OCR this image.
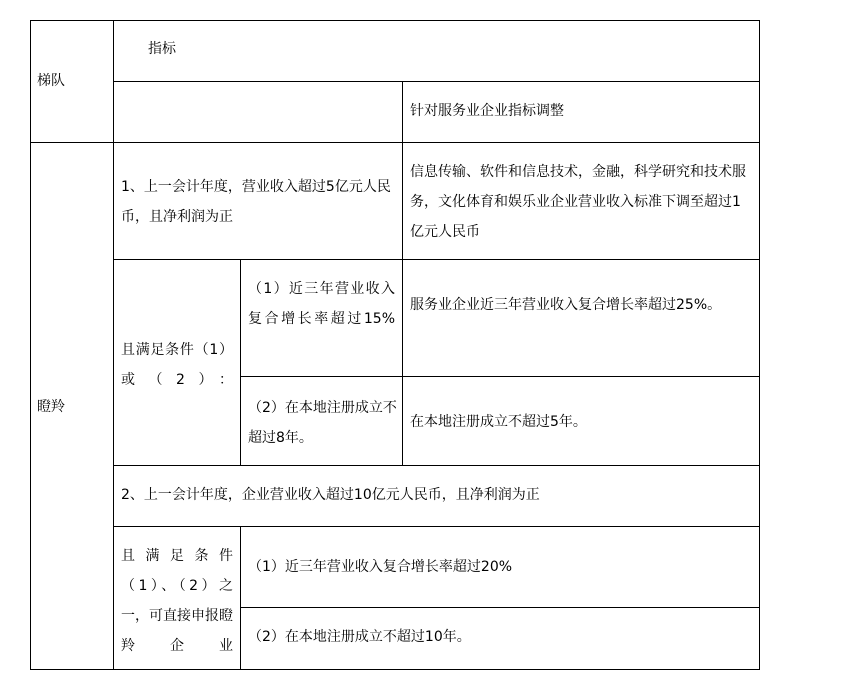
梯队
指标
针对服务业企业指标调整
瞪羚
1、上一会计年度，营业收入超过5亿元人民币，且净利润为正
信息传输、软件和信息技术，金融，科学研究和技术服务，文化体育和娱乐业企业营业收入标准下调至超过1亿元人民币
且满足条件（1）或（2）：
（1）近三年营业收入复合增长率超过15%
服务业企业近三年营业收入复合增长率超过25%。
（2）在本地注册成立不超过8年。
在本地注册成立不超过5年。
2、上一会计年度，企业营业收入超过10亿元人民币，且净利润为正
且满足条件（1）、（2）之一，可直接申报瞪羚企业
（1）近三年营业收入复合增长率超过20%
（2）在本地注册成立不超过10年。
